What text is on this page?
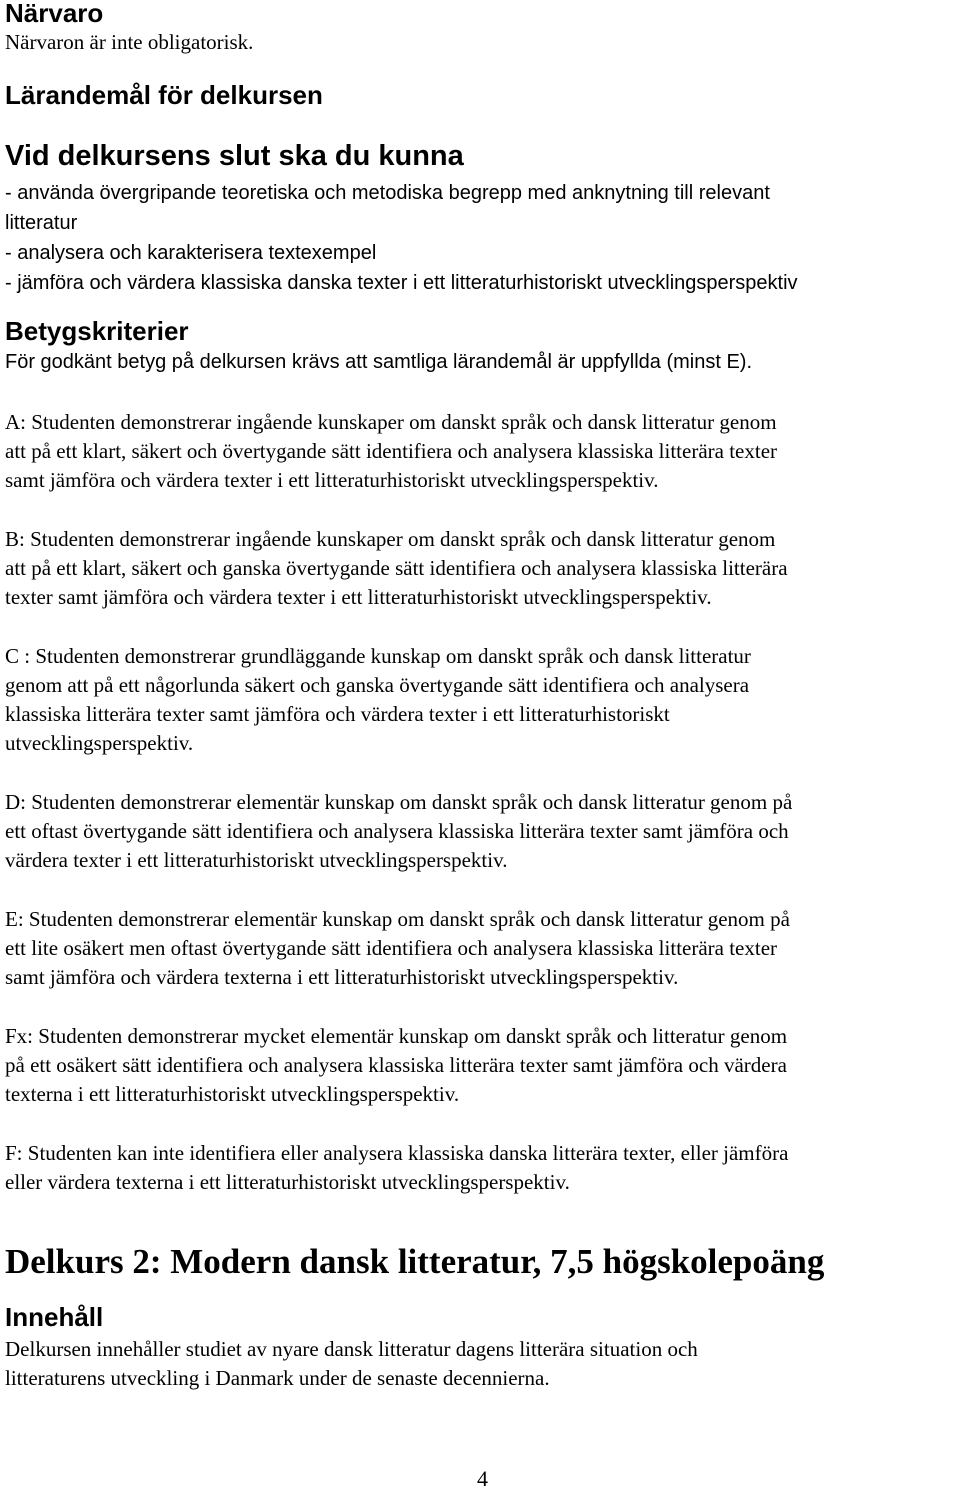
Närvaro

Närvaron är inte obligatorisk.

Lärandemål för delkursen
Vid delkursens slut ska du kunna
- använda övergripande teoretiska och metodiska begrepp med anknytning till relevant
litteratur
- analysera och karakterisera textexempel
- jämföra och värdera klassiska danska texter i ett litteraturhistoriskt utvecklingsperspektiv
Betygskriterier

För godkänt betyg på delkursen krävs att samtliga lärandemål är uppfyllda (minst E).

A: Studenten demonstrerar ingående kunskaper om danskt språk och dansk litteratur genom
att på ett klart, säkert och övertygande sätt identifiera och analysera klassiska litterära texter
samt jämföra och värdera texter i ett litteraturhistoriskt utvecklingsperspektiv.
B: Studenten demonstrerar ingående kunskaper om danskt språk och dansk litteratur genom
att på ett klart, säkert och ganska övertygande sätt identifiera och analysera klassiska litterära
texter samt jämföra och värdera texter i ett litteraturhistoriskt utvecklingsperspektiv.
C : Studenten demonstrerar grundläggande kunskap om danskt språk och dansk litteratur
genom att på ett någorlunda säkert och ganska övertygande sätt identifiera och analysera
klassiska litterära texter samt jämföra och värdera texter i ett litteraturhistoriskt
utvecklingsperspektiv.
D: Studenten demonstrerar elementär kunskap om danskt språk och dansk litteratur genom på
ett oftast övertygande sätt identifiera och analysera klassiska litterära texter samt jämföra och
värdera texter i ett litteraturhistoriskt utvecklingsperspektiv.
E: Studenten demonstrerar elementär kunskap om danskt språk och dansk litteratur genom på
ett lite osäkert men oftast övertygande sätt identifiera och analysera klassiska litterära texter
samt jämföra och värdera texterna i ett litteraturhistoriskt utvecklingsperspektiv.
Fx: Studenten demonstrerar mycket elementär kunskap om danskt språk och litteratur genom
på ett osäkert sätt identifiera och analysera klassiska litterära texter samt jämföra och värdera
texterna i ett litteraturhistoriskt utvecklingsperspektiv.
F: Studenten kan inte identifiera eller analysera klassiska danska litterära texter, eller jämföra
eller värdera texterna i ett litteraturhistoriskt utvecklingsperspektiv.
Delkurs 2: Modern dansk litteratur, 7,5 högskolepoäng
Innehåll
Delkursen innehåller studiet av nyare dansk litteratur dagens litterära situation och
litteraturens utveckling i Danmark under de senaste decennierna.
4
